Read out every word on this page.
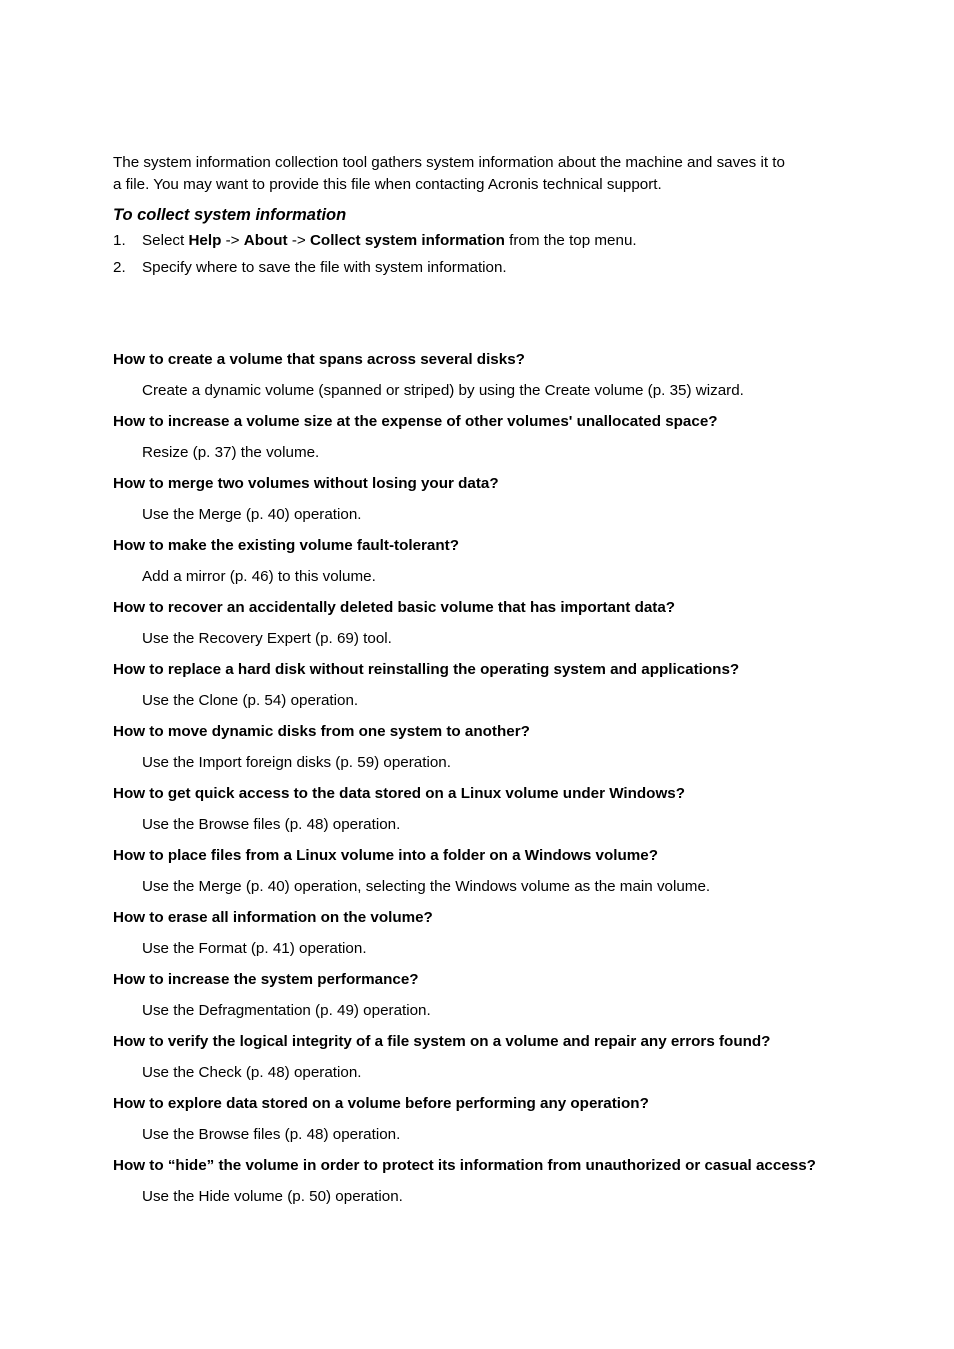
The system information collection tool gathers system information about the machine and saves it to
a file. You may want to provide this file when contacting Acronis technical support.

To collect system information
1. Select Help -> About -> Collect system information from the top menu.
2. Specify where to save the file with system information.
How to create a volume that spans across several disks?
Create a dynamic volume (spanned or striped) by using the Create volume (p. 35) wizard.
How to increase a volume size at the expense of other volumes' unallocated space?
Resize (p. 37) the volume.
How to merge two volumes without losing your data?
Use the Merge (p. 40) operation.
How to make the existing volume fault-tolerant?
Add a mirror (p. 46) to this volume.
How to recover an accidentally deleted basic volume that has important data?
Use the Recovery Expert (p. 69) tool.
How to replace a hard disk without reinstalling the operating system and applications?
Use the Clone (p. 54) operation.
How to move dynamic disks from one system to another?
Use the Import foreign disks (p. 59) operation.
How to get quick access to the data stored on a Linux volume under Windows?
Use the Browse files (p. 48) operation.
How to place files from a Linux volume into a folder on a Windows volume?
Use the Merge (p. 40) operation, selecting the Windows volume as the main volume.
How to erase all information on the volume?
Use the Format (p. 41) operation.
How to increase the system performance?
Use the Defragmentation (p. 49) operation.
How to verify the logical integrity of a file system on a volume and repair any errors found?
Use the Check (p. 48) operation.
How to explore data stored on a volume before performing any operation?
Use the Browse files (p. 48) operation.
How to “hide” the volume in order to protect its information from unauthorized or casual access?
Use the Hide volume (p. 50) operation.
